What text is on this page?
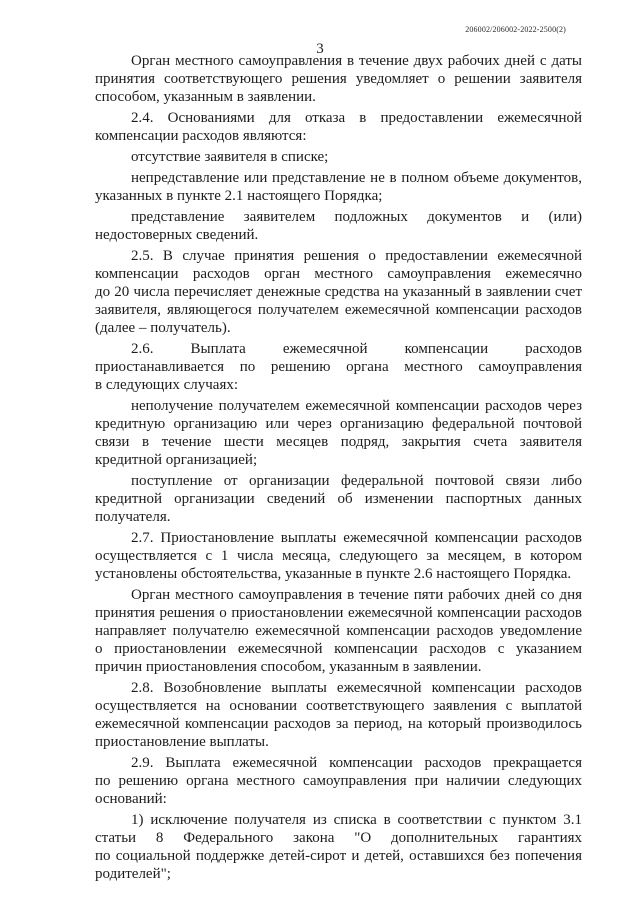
206002/206002-2022-2500(2)
3
Орган местного самоуправления в течение двух рабочих дней с даты
принятия соответствующего решения уведомляет о решении заявителя
способом, указанным в заявлении.
2.4. Основаниями для отказа в предоставлении ежемесячной
компенсации расходов являются:
отсутствие заявителя в списке;
непредставление или представление не в полном объеме документов,
указанных в пункте 2.1 настоящего Порядка;
представление заявителем подложных документов и (или)
недостоверных сведений.
2.5. В случае принятия решения о предоставлении ежемесячной
компенсации расходов орган местного самоуправления ежемесячно
до 20 числа перечисляет денежные средства на указанный в заявлении счет
заявителя, являющегося получателем ежемесячной компенсации расходов
(далее – получатель).
2.6. Выплата ежемесячной компенсации расходов
приостанавливается по решению органа местного самоуправления
в следующих случаях:
неполучение получателем ежемесячной компенсации расходов через
кредитную организацию или через организацию федеральной почтовой
связи в течение шести месяцев подряд, закрытия счета заявителя
кредитной организацией;
поступление от организации федеральной почтовой связи либо
кредитной организации сведений об изменении паспортных данных
получателя.
2.7. Приостановление выплаты ежемесячной компенсации расходов
осуществляется с 1 числа месяца, следующего за месяцем, в котором
установлены обстоятельства, указанные в пункте 2.6 настоящего Порядка.
Орган местного самоуправления в течение пяти рабочих дней со дня
принятия решения о приостановлении ежемесячной компенсации расходов
направляет получателю ежемесячной компенсации расходов уведомление
о приостановлении ежемесячной компенсации расходов с указанием
причин приостановления способом, указанным в заявлении.
2.8. Возобновление выплаты ежемесячной компенсации расходов
осуществляется на основании соответствующего заявления с выплатой
ежемесячной компенсации расходов за период, на который производилось
приостановление выплаты.
2.9. Выплата ежемесячной компенсации расходов прекращается
по решению органа местного самоуправления при наличии следующих
оснований:
1) исключение получателя из списка в соответствии с пунктом 3.1
статьи 8 Федерального закона "О дополнительных гарантиях
по социальной поддержке детей-сирот и детей, оставшихся без попечения
родителей";
